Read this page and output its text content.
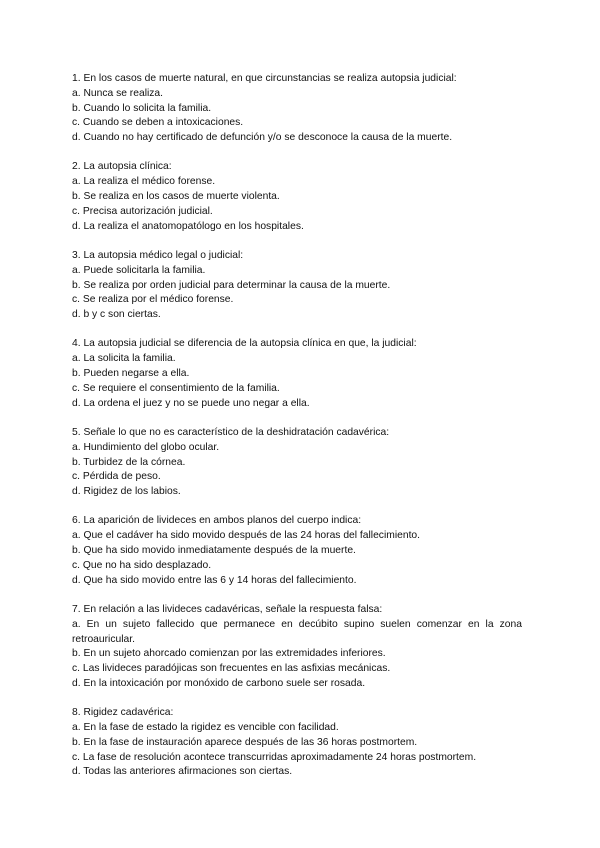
1. En los casos de muerte natural, en que circunstancias se realiza autopsia judicial:
a. Nunca se realiza.
b. Cuando lo solicita la familia.
c. Cuando se deben a intoxicaciones.
d. Cuando no hay certificado de defunción y/o se desconoce la causa de la muerte.
2. La autopsia clínica:
a. La realiza el médico forense.
b. Se realiza en los casos de muerte violenta.
c. Precisa autorización judicial.
d. La realiza el anatomopatólogo en los hospitales.
3. La autopsia médico legal o judicial:
a. Puede solicitarla la familia.
b. Se realiza por orden judicial para determinar la causa de la muerte.
c. Se realiza por el médico forense.
d. b y c son ciertas.
4. La autopsia judicial se diferencia de la autopsia clínica en que, la judicial:
a. La solicita la familia.
b. Pueden negarse a ella.
c. Se requiere el consentimiento de la familia.
d. La ordena el juez y no se puede uno negar a ella.
5. Señale lo que no es característico de la deshidratación cadavérica:
a. Hundimiento del globo ocular.
b. Turbidez de la córnea.
c. Pérdida de peso.
d. Rigidez de los labios.
6. La aparición de livideces en ambos planos del cuerpo indica:
a. Que el cadáver ha sido movido después de las 24 horas del fallecimiento.
b. Que ha sido movido inmediatamente después de la muerte.
c. Que no ha sido desplazado.
d. Que ha sido movido entre las 6 y 14 horas del fallecimiento.
7. En relación a las livideces cadavéricas, señale la respuesta falsa:
a. En un sujeto fallecido que permanece en decúbito supino suelen comenzar en la zona retroauricular.
b. En un sujeto ahorcado comienzan por las extremidades inferiores.
c. Las livideces paradójicas son frecuentes en las asfixias mecánicas.
d. En la intoxicación por monóxido de carbono suele ser rosada.
8. Rigidez cadavérica:
a. En la fase de estado la rigidez es vencible con facilidad.
b. En la fase de instauración aparece después de las 36 horas postmortem.
c. La fase de resolución acontece transcurridas aproximadamente 24 horas postmortem.
d. Todas las anteriores afirmaciones son ciertas.
